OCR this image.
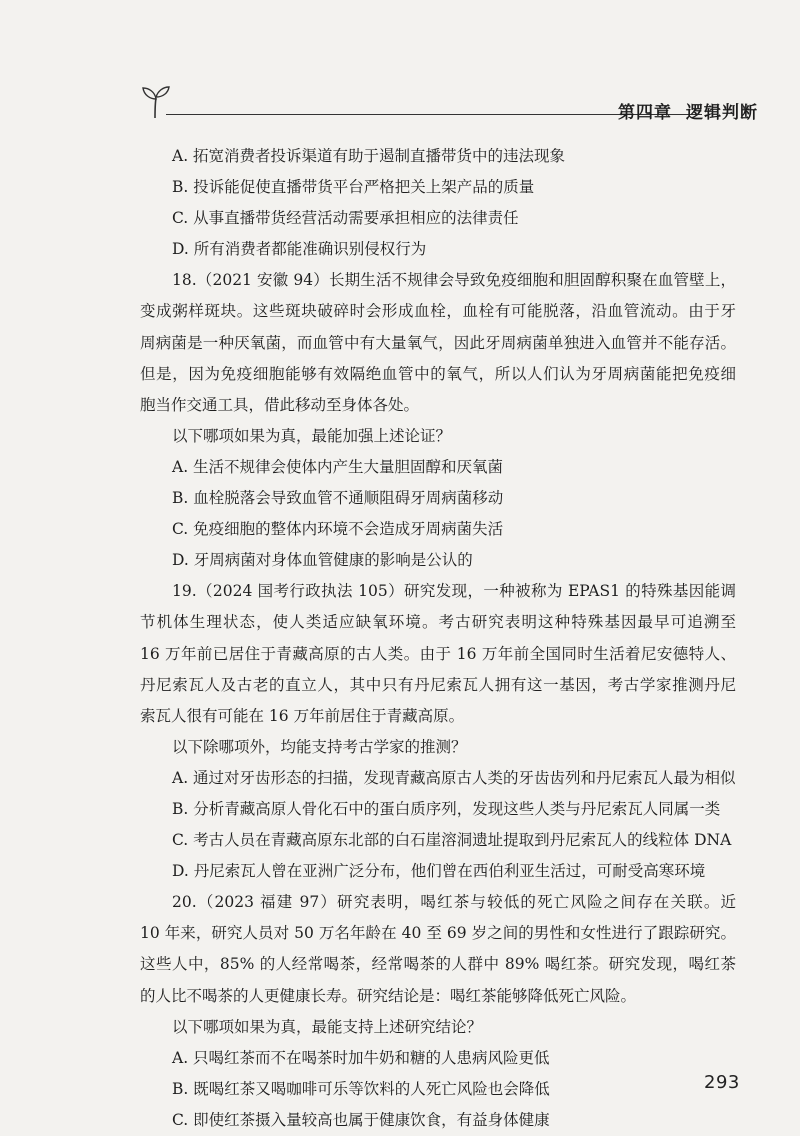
第四章 逻辑判断
A. 拓宽消费者投诉渠道有助于遏制直播带货中的违法现象
B. 投诉能促使直播带货平台严格把关上架产品的质量
C. 从事直播带货经营活动需要承担相应的法律责任
D. 所有消费者都能准确识别侵权行为
18.（2021 安徽 94）长期生活不规律会导致免疫细胞和胆固醇积聚在血管壁上，
变成粥样斑块。这些斑块破碎时会形成血栓，血栓有可能脱落，沿血管流动。由于牙
周病菌是一种厌氧菌，而血管中有大量氧气，因此牙周病菌单独进入血管并不能存活。
但是，因为免疫细胞能够有效隔绝血管中的氧气，所以人们认为牙周病菌能把免疫细
胞当作交通工具，借此移动至身体各处。
以下哪项如果为真，最能加强上述论证？
A. 生活不规律会使体内产生大量胆固醇和厌氧菌
B. 血栓脱落会导致血管不通顺阻碍牙周病菌移动
C. 免疫细胞的整体内环境不会造成牙周病菌失活
D. 牙周病菌对身体血管健康的影响是公认的
19.（2024 国考行政执法 105）研究发现，一种被称为 EPAS1 的特殊基因能调
节机体生理状态，使人类适应缺氧环境。考古研究表明这种特殊基因最早可追溯至
16 万年前已居住于青藏高原的古人类。由于 16 万年前全国同时生活着尼安德特人、
丹尼索瓦人及古老的直立人，其中只有丹尼索瓦人拥有这一基因，考古学家推测丹尼
索瓦人很有可能在 16 万年前居住于青藏高原。
以下除哪项外，均能支持考古学家的推测？
A. 通过对牙齿形态的扫描，发现青藏高原古人类的牙齿齿列和丹尼索瓦人最为相似
B. 分析青藏高原人骨化石中的蛋白质序列，发现这些人类与丹尼索瓦人同属一类
C. 考古人员在青藏高原东北部的白石崖溶洞遗址提取到丹尼索瓦人的线粒体 DNA
D. 丹尼索瓦人曾在亚洲广泛分布，他们曾在西伯利亚生活过，可耐受高寒环境
20.（2023 福建 97）研究表明，喝红茶与较低的死亡风险之间存在关联。近
10 年来，研究人员对 50 万名年龄在 40 至 69 岁之间的男性和女性进行了跟踪研究。
这些人中，85% 的人经常喝茶，经常喝茶的人群中 89% 喝红茶。研究发现，喝红茶
的人比不喝茶的人更健康长寿。研究结论是：喝红茶能够降低死亡风险。
以下哪项如果为真，最能支持上述研究结论？
A. 只喝红茶而不在喝茶时加牛奶和糖的人患病风险更低
B. 既喝红茶又喝咖啡可乐等饮料的人死亡风险也会降低
C. 即使红茶摄入量较高也属于健康饮食，有益身体健康
293
